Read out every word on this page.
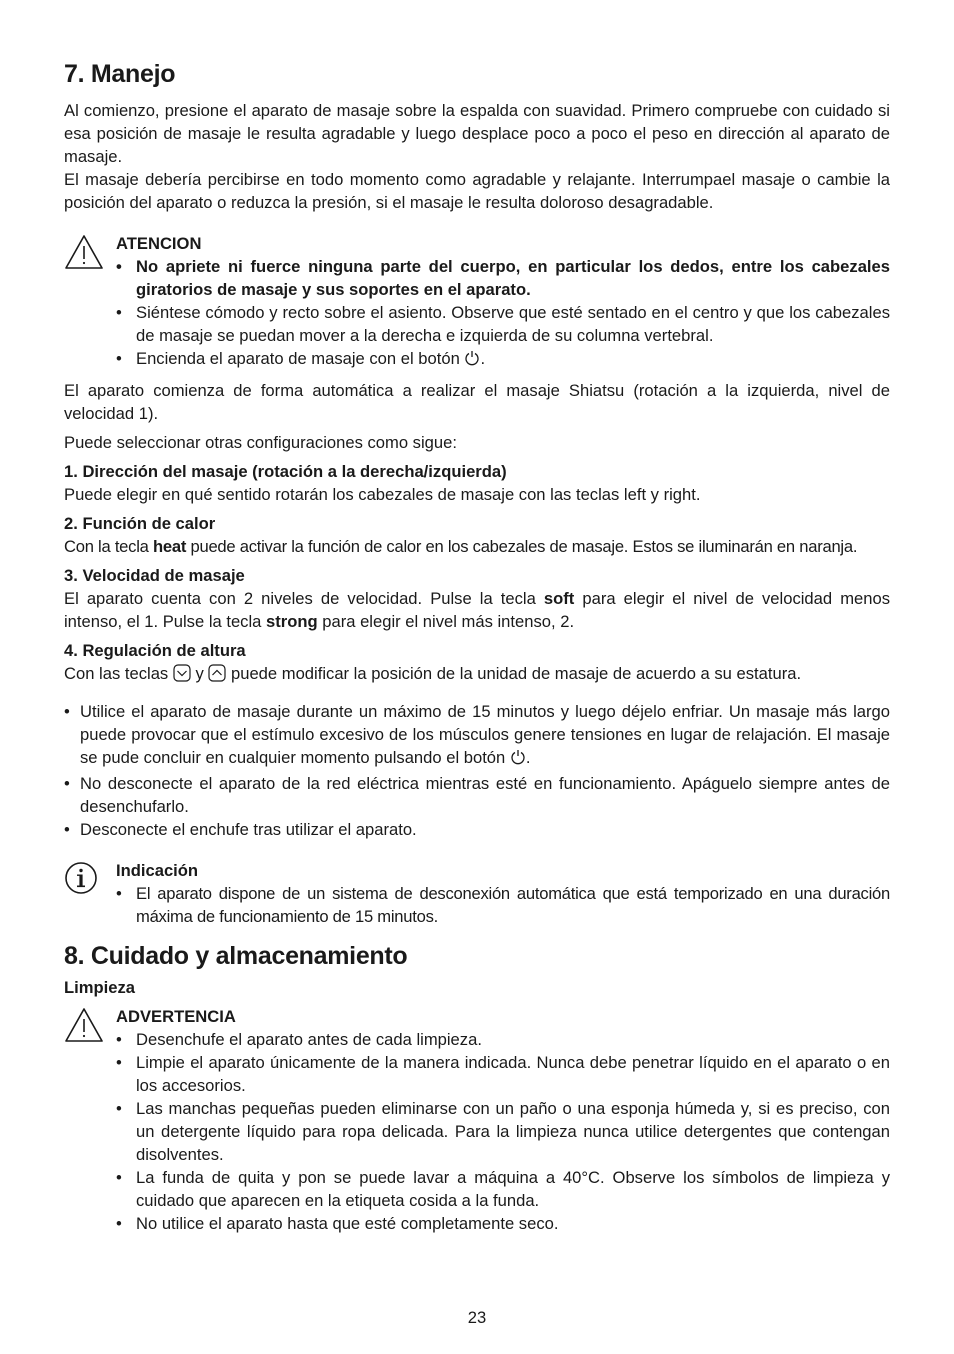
7. Manejo

Al comienzo, presione el aparato de masaje sobre la espalda con suavidad. Primero compruebe con cuidado si esa posición de masaje le resulta agradable y luego desplace poco a poco el peso en dirección al aparato de masaje.

El masaje debería percibirse en todo momento como agradable y relajante. Interrumpael masaje o cambie la posición del aparato o reduzca la presión, si el masaje le resulta doloroso desagradable.

ATENCION
• No apriete ni fuerce ninguna parte del cuerpo, en particular los dedos, entre los cabezales giratorios de masaje y sus soportes en el aparato.
• Siéntese cómodo y recto sobre el asiento. Observe que esté sentado en el centro y que los cabezales de masaje se puedan mover a la derecha e izquierda de su columna vertebral.
• Encienda el aparato de masaje con el botón .

El aparato comienza de forma automática a realizar el masaje Shiatsu (rotación a la izquierda, nivel de velocidad 1).

Puede seleccionar otras configuraciones como sigue:

1. Dirección del masaje (rotación a la derecha/izquierda)

Puede elegir en qué sentido rotarán los cabezales de masaje con las teclas left y right.

2. Función de calor

Con la tecla heat puede activar la función de calor en los cabezales de masaje. Estos se iluminarán en naranja.

3. Velocidad de masaje

El aparato cuenta con 2 niveles de velocidad. Pulse la tecla soft para elegir el nivel de velocidad menos intenso, el 1. Pulse la tecla strong para elegir el nivel más intenso, 2.

4. Regulación de altura

Con las teclas  y  puede modificar la posición de la unidad de masaje de acuerdo a su estatura.

• Utilice el aparato de masaje durante un máximo de 15 minutos y luego déjelo enfriar. Un masaje más largo puede provocar que el estímulo excesivo de los músculos genere tensiones en lugar de relajación. El masaje se pude concluir en cualquier momento pulsando el botón .
• No desconecte el aparato de la red eléctrica mientras esté en funcionamiento. Apáguelo siempre antes de desenchufarlo.
• Desconecte el enchufe tras utilizar el aparato.
Indicación
• El aparato dispone de un sistema de desconexión automática que está temporizado en una duración máxima de funcionamiento de 15 minutos.
8. Cuidado y almacenamiento
Limpieza
ADVERTENCIA
• Desenchufe el aparato antes de cada limpieza.
• Limpie el aparato únicamente de la manera indicada. Nunca debe penetrar líquido en el aparato o en los accesorios.
• Las manchas pequeñas pueden eliminarse con un paño o una esponja húmeda y, si es preciso, con un detergente líquido para ropa delicada. Para la limpieza nunca utilice detergentes que contengan disolventes.
• La funda de quita y pon se puede lavar a máquina a 40°C. Observe los símbolos de limpieza y cuidado que aparecen en la etiqueta cosida a la funda.
• No utilice el aparato hasta que esté completamente seco.
23
